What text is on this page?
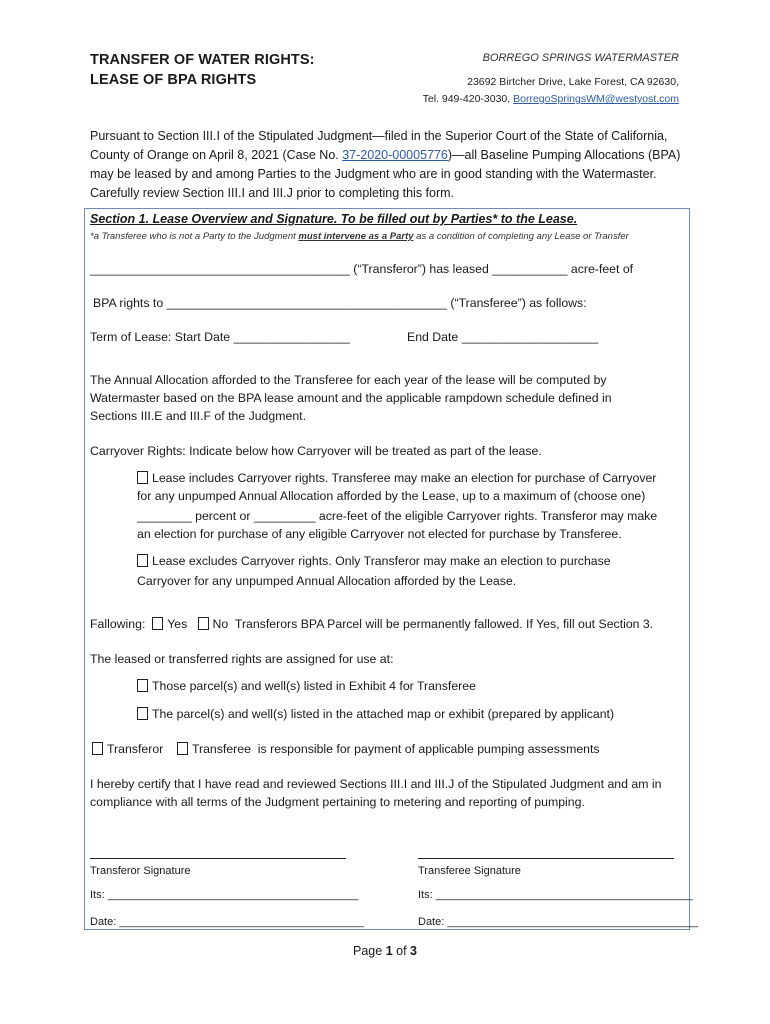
TRANSFER OF WATER RIGHTS:
LEASE OF BPA RIGHTS
BORREGO SPRINGS WATERMASTER
23692 Birtcher Drive, Lake Forest, CA 92630,
Tel. 949-420-3030, BorregoSpringsWM@westyost.com
Pursuant to Section III.I of the Stipulated Judgment—filed in the Superior Court of the State of California, County of Orange on April 8, 2021 (Case No. 37-2020-00005776)—all Baseline Pumping Allocations (BPA) may be leased by and among Parties to the Judgment who are in good standing with the Watermaster. Carefully review Section III.I and III.J prior to completing this form.
Section 1. Lease Overview and Signature. To be filled out by Parties* to the Lease.
*a Transferee who is not a Party to the Judgment must intervene as a Party as a condition of completing any Lease or Transfer
______________________________________ (“Transferor”) has leased ___________ acre-feet of
BPA rights to _________________________________________ (“Transferee”) as follows:
Term of Lease: Start Date _________________	End Date ____________________
The Annual Allocation afforded to the Transferee for each year of the lease will be computed by
Watermaster based on the BPA lease amount and the applicable rampdown schedule defined in
Sections III.E and III.F of the Judgment.
Carryover Rights: Indicate below how Carryover will be treated as part of the lease.
Lease includes Carryover rights. Transferee may make an election for purchase of Carryover
for any unpumped Annual Allocation afforded by the Lease, up to a maximum of (choose one)
________ percent or _________ acre-feet of the eligible Carryover rights. Transferor may make
an election for purchase of any eligible Carryover not elected for purchase by Transferee.
Lease excludes Carryover rights. Only Transferor may make an election to purchase
Carryover for any unpumped Annual Allocation afforded by the Lease.
Fallowing: Yes No Transferors BPA Parcel will be permanently fallowed. If Yes, fill out Section 3.
The leased or transferred rights are assigned for use at:
Those parcel(s) and well(s) listed in Exhibit 4 for Transferee
The parcel(s) and well(s) listed in the attached map or exhibit (prepared by applicant)
Transferor Transferee is responsible for payment of applicable pumping assessments
I hereby certify that I have read and reviewed Sections III.I and III.J of the Stipulated Judgment and am in
compliance with all terms of the Judgment pertaining to metering and reporting of pumping.
Transferor Signature	Transferee Signature
Its: _________________________________________	Its: __________________________________________
Date: ________________________________________	Date: _________________________________________
Page 1 of 3
